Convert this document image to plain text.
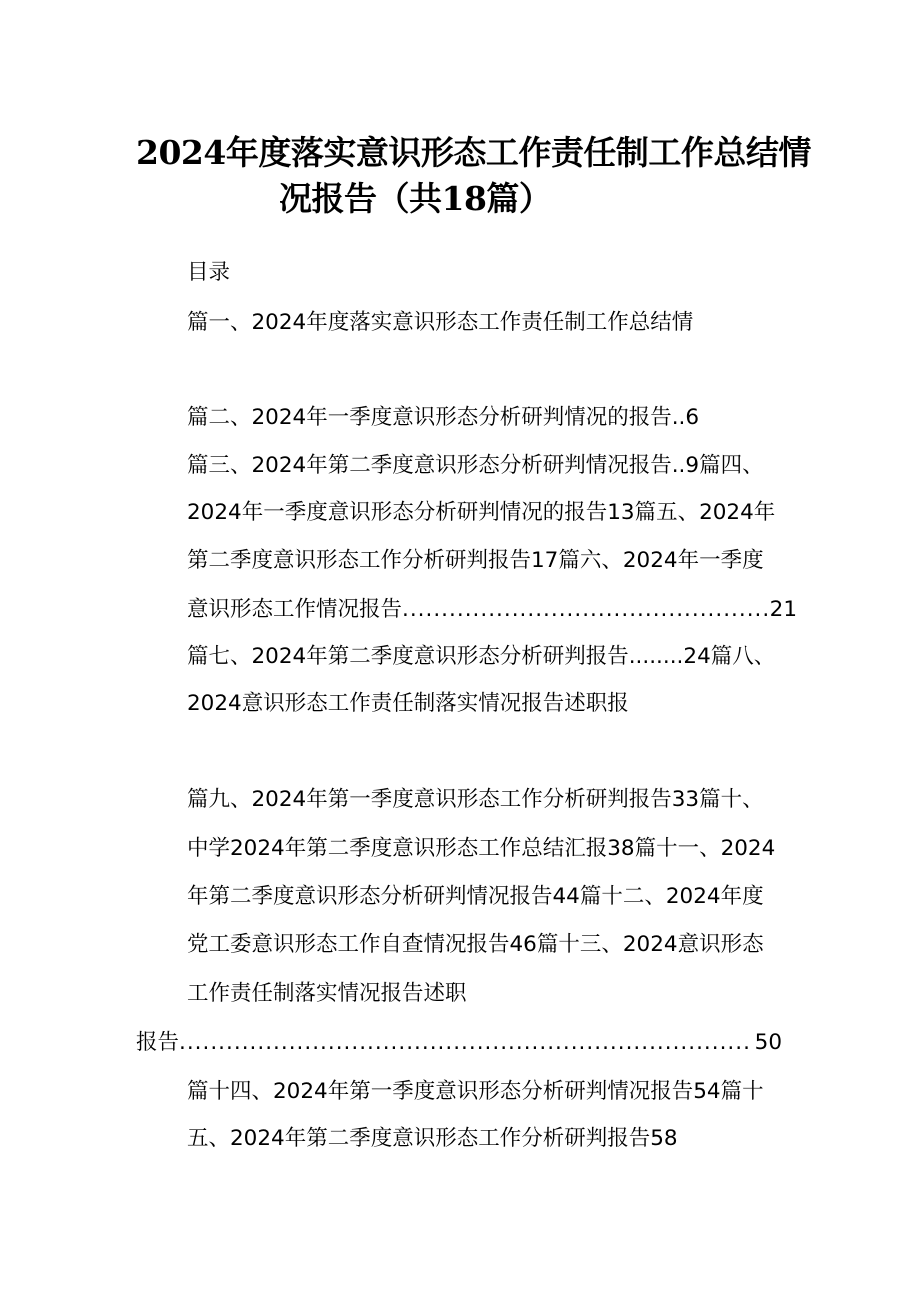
2024年度落实意识形态工作责任制工作总结情
况报告（共18篇）
目录
篇一、2024年度落实意识形态工作责任制工作总结情
篇二、2024年一季度意识形态分析研判情况的报告..6
篇三、2024年第二季度意识形态分析研判情况报告..9篇四、
2024年一季度意识形态分析研判情况的报告13篇五、2024年
第二季度意识形态工作分析研判报告17篇六、2024年一季度
意识形态工作情况报告 .....	21
篇七、2024年第二季度意识形态分析研判报告........24篇八、
2024意识形态工作责任制落实情况报告述职报
篇九、2024年第一季度意识形态工作分析研判报告33篇十、
中学2024年第二季度意识形态工作总结汇报38篇十一、2024
年第二季度意识形态分析研判情况报告44篇十二、2024年度
党工委意识形态工作自查情况报告46篇十三、2024意识形态
工作责任制落实情况报告述职
报告 .....	50
篇十四、2024年第一季度意识形态分析研判情况报告54篇十
五、2024年第二季度意识形态工作分析研判报告58
